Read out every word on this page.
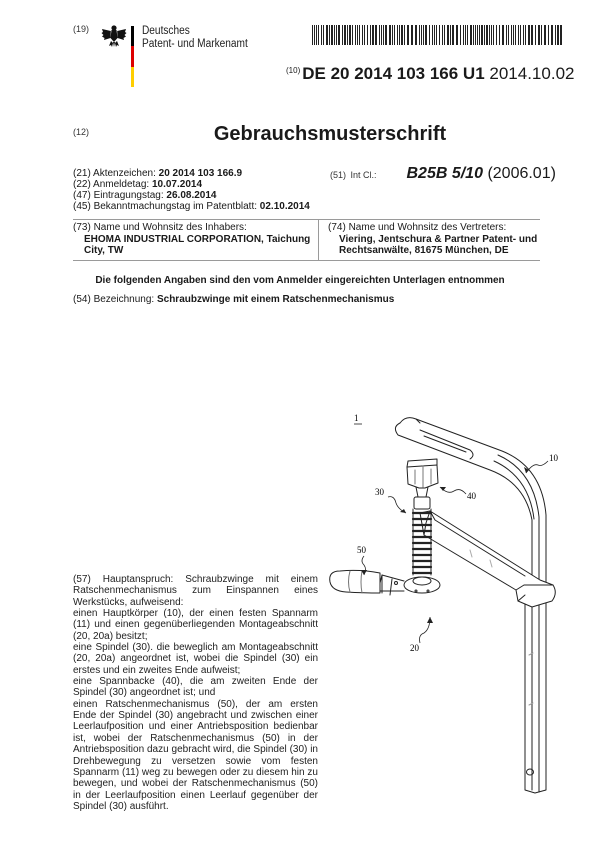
(19)	Deutsches
Patent- und Markenamt
$^{(10)}$ DE 20 2014 103 166 U1 2014.10.02
(12)	Gebrauchsmusterschrift
(21) Aktenzeichen: 20 2014 103 166.9
(22) Anmeldetag: 10.07.2014
(47) Eintragungstag: 26.08.2014
(45) Bekanntmachungstag im Patentblatt: 02.10.2014
(51) Int Cl.: B25B 5/10 (2006.01)
(73) Name und Wohnsitz des Inhabers:
EHOMA INDUSTRIAL CORPORATION, Taichung
City, TW
(74) Name und Wohnsitz des Vertreters:
Viering, Jentschura & Partner Patent- und
Rechtsanwälte, 81675 München, DE
Die folgenden Angaben sind den vom Anmelder eingereichten Unterlagen entnommen
(54) Bezeichnung: Schraubzwinge mit einem Ratschenmechanismus

(57) Hauptanspruch: Schraubzwinge mit einem Ratschenmechanismus zum Einspannen eines Werkstücks, aufweisend:

einen Hauptkörper (10), der einen festen Spannarm (11) und einen gegenüberliegenden Montageabschnitt (20, 20a) besitzt;

eine Spindel (30). die beweglich am Montageabschnitt (20, 20a) angeordnet ist, wobei die Spindel (30) ein erstes und ein zweites Ende aufweist;

eine Spannbacke (40), die am zweiten Ende der Spindel (30) angeordnet ist; und

einen Ratschenmechanismus (50), der am ersten Ende der Spindel (30) angebracht und zwischen einer Leerlaufposition und einer Antriebsposition bedienbar ist, wobei der Ratschenmechanismus (50) in der Antriebsposition dazu gebracht wird, die Spindel (30) in Drehbewegung zu versetzen sowie vom festen Spannarm (11) weg zu bewegen oder zu diesem hin zu bewegen, und wobei der Ratschenmechanismus (50) in der Leerlaufposition einen Leerlauf gegenüber der Spindel (30) ausführt.

1
10
40
30
50
20
